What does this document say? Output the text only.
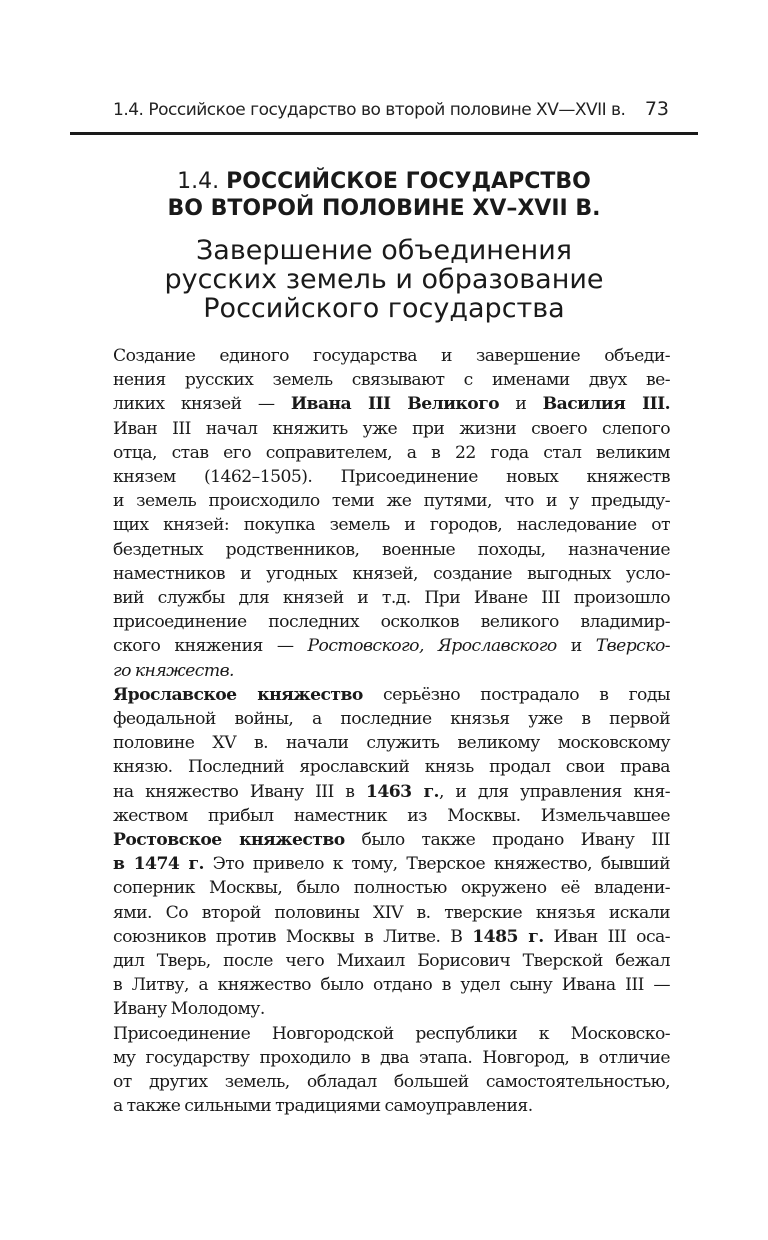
1.4. Российское государство во второй половине XV—XVII в. 73
1.4. РОССИЙСКОЕ ГОСУДАРСТВО
ВО ВТОРОЙ ПОЛОВИНЕ XV–XVII В.
Завершение объединения
русских земель и образование
Российского государства

Создание единого государства и завершение объеди-
нения русских земель связывают с именами двух ве-
ликих князей — Ивана III Великого и Василия III.
Иван III начал княжить уже при жизни своего слепого
отца, став его соправителем, а в 22 года стал великим
князем (1462–1505). Присоединение новых княжеств
и земель происходило теми же путями, что и у предыду-
щих князей: покупка земель и городов, наследование от
бездетных родственников, военные походы, назначение
наместников и угодных князей, создание выгодных усло-
вий службы для князей и т.д. При Иване III произошло
присоединение последних осколков великого владимир-
ского княжения — Ростовского, Ярославского и Тверско-
го княжеств.

Ярославское княжество серьёзно пострадало в годы
феодальной войны, а последние князья уже в первой
половине XV в. начали служить великому московскому
князю. Последний ярославский князь продал свои права
на княжество Ивану III в 1463 г., и для управления кня-
жеством прибыл наместник из Москвы. Измельчавшее
Ростовское княжество было также продано Ивану III
в 1474 г. Это привело к тому, Тверское княжество, бывший
соперник Москвы, было полностью окружено её владени-
ями. Со второй половины XIV в. тверские князья искали
союзников против Москвы в Литве. В 1485 г. Иван III оса-
дил Тверь, после чего Михаил Борисович Тверской бежал
в Литву, а княжество было отдано в удел сыну Ивана III —
Ивану Молодому.

Присоединение Новгородской республики к Московско-
му государству проходило в два этапа. Новгород, в отличие
от других земель, обладал большей самостоятельностью,
а также сильными традициями самоуправления.
